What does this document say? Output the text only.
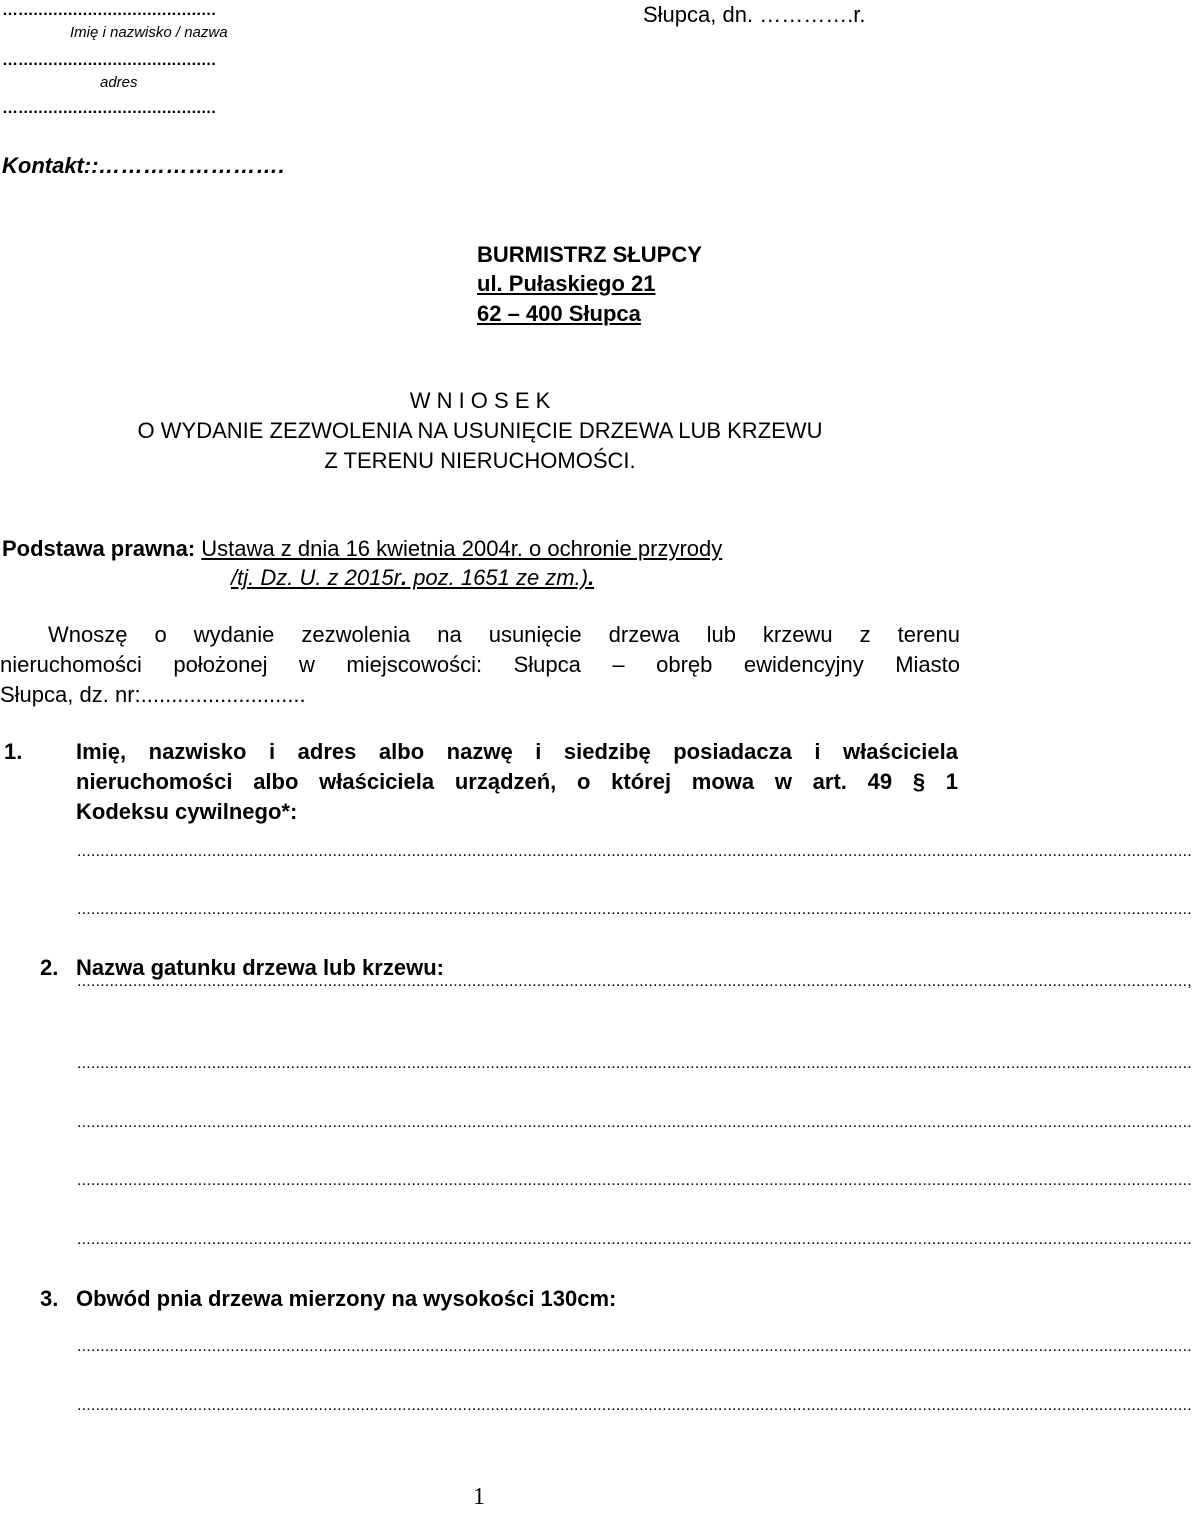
…........................................
Imię i nazwisko / nazwa
…........................................
adres
…........................................
Kontakt::…………………….
Słupca, dn. ………….r.
BURMISTRZ SŁUPCY
ul. Pułaskiego 21
62 – 400 Słupca
W N I O S E K
O WYDANIE ZEZWOLENIA NA USUNIĘCIE DRZEWA LUB KRZEWU
Z TERENU NIERUCHOMOŚCI.
Podstawa prawna: Ustawa z dnia 16 kwietnia 2004r. o ochronie przyrody
/tj. Dz. U. z 2015r. poz. 1651 ze zm.).
Wnoszę o wydanie zezwolenia na usunięcie drzewa lub krzewu z terenu
nieruchomości położonej w miejscowości: Słupca – obręb ewidencyjny Miasto
Słupca, dz. nr:...........................
1. Imię, nazwisko i adres albo nazwę i siedzibę posiadacza i właściciela
nieruchomości albo właściciela urządzeń, o której mowa w art. 49 § 1
Kodeksu cywilnego*:
................................................................................................................................................................................................................................................
................................................................................................................................................................................................................................................
2. Nazwa gatunku drzewa lub krzewu:
...............................................................................................................................................................................................................................................,
................................................................................................................................................................................................................................................
................................................................................................................................................................................................................................................
................................................................................................................................................................................................................................................
................................................................................................................................................................................................................................................
3. Obwód pnia drzewa mierzony na wysokości 130cm:
................................................................................................................................................................................................................................................
................................................................................................................................................................................................................................................
1
